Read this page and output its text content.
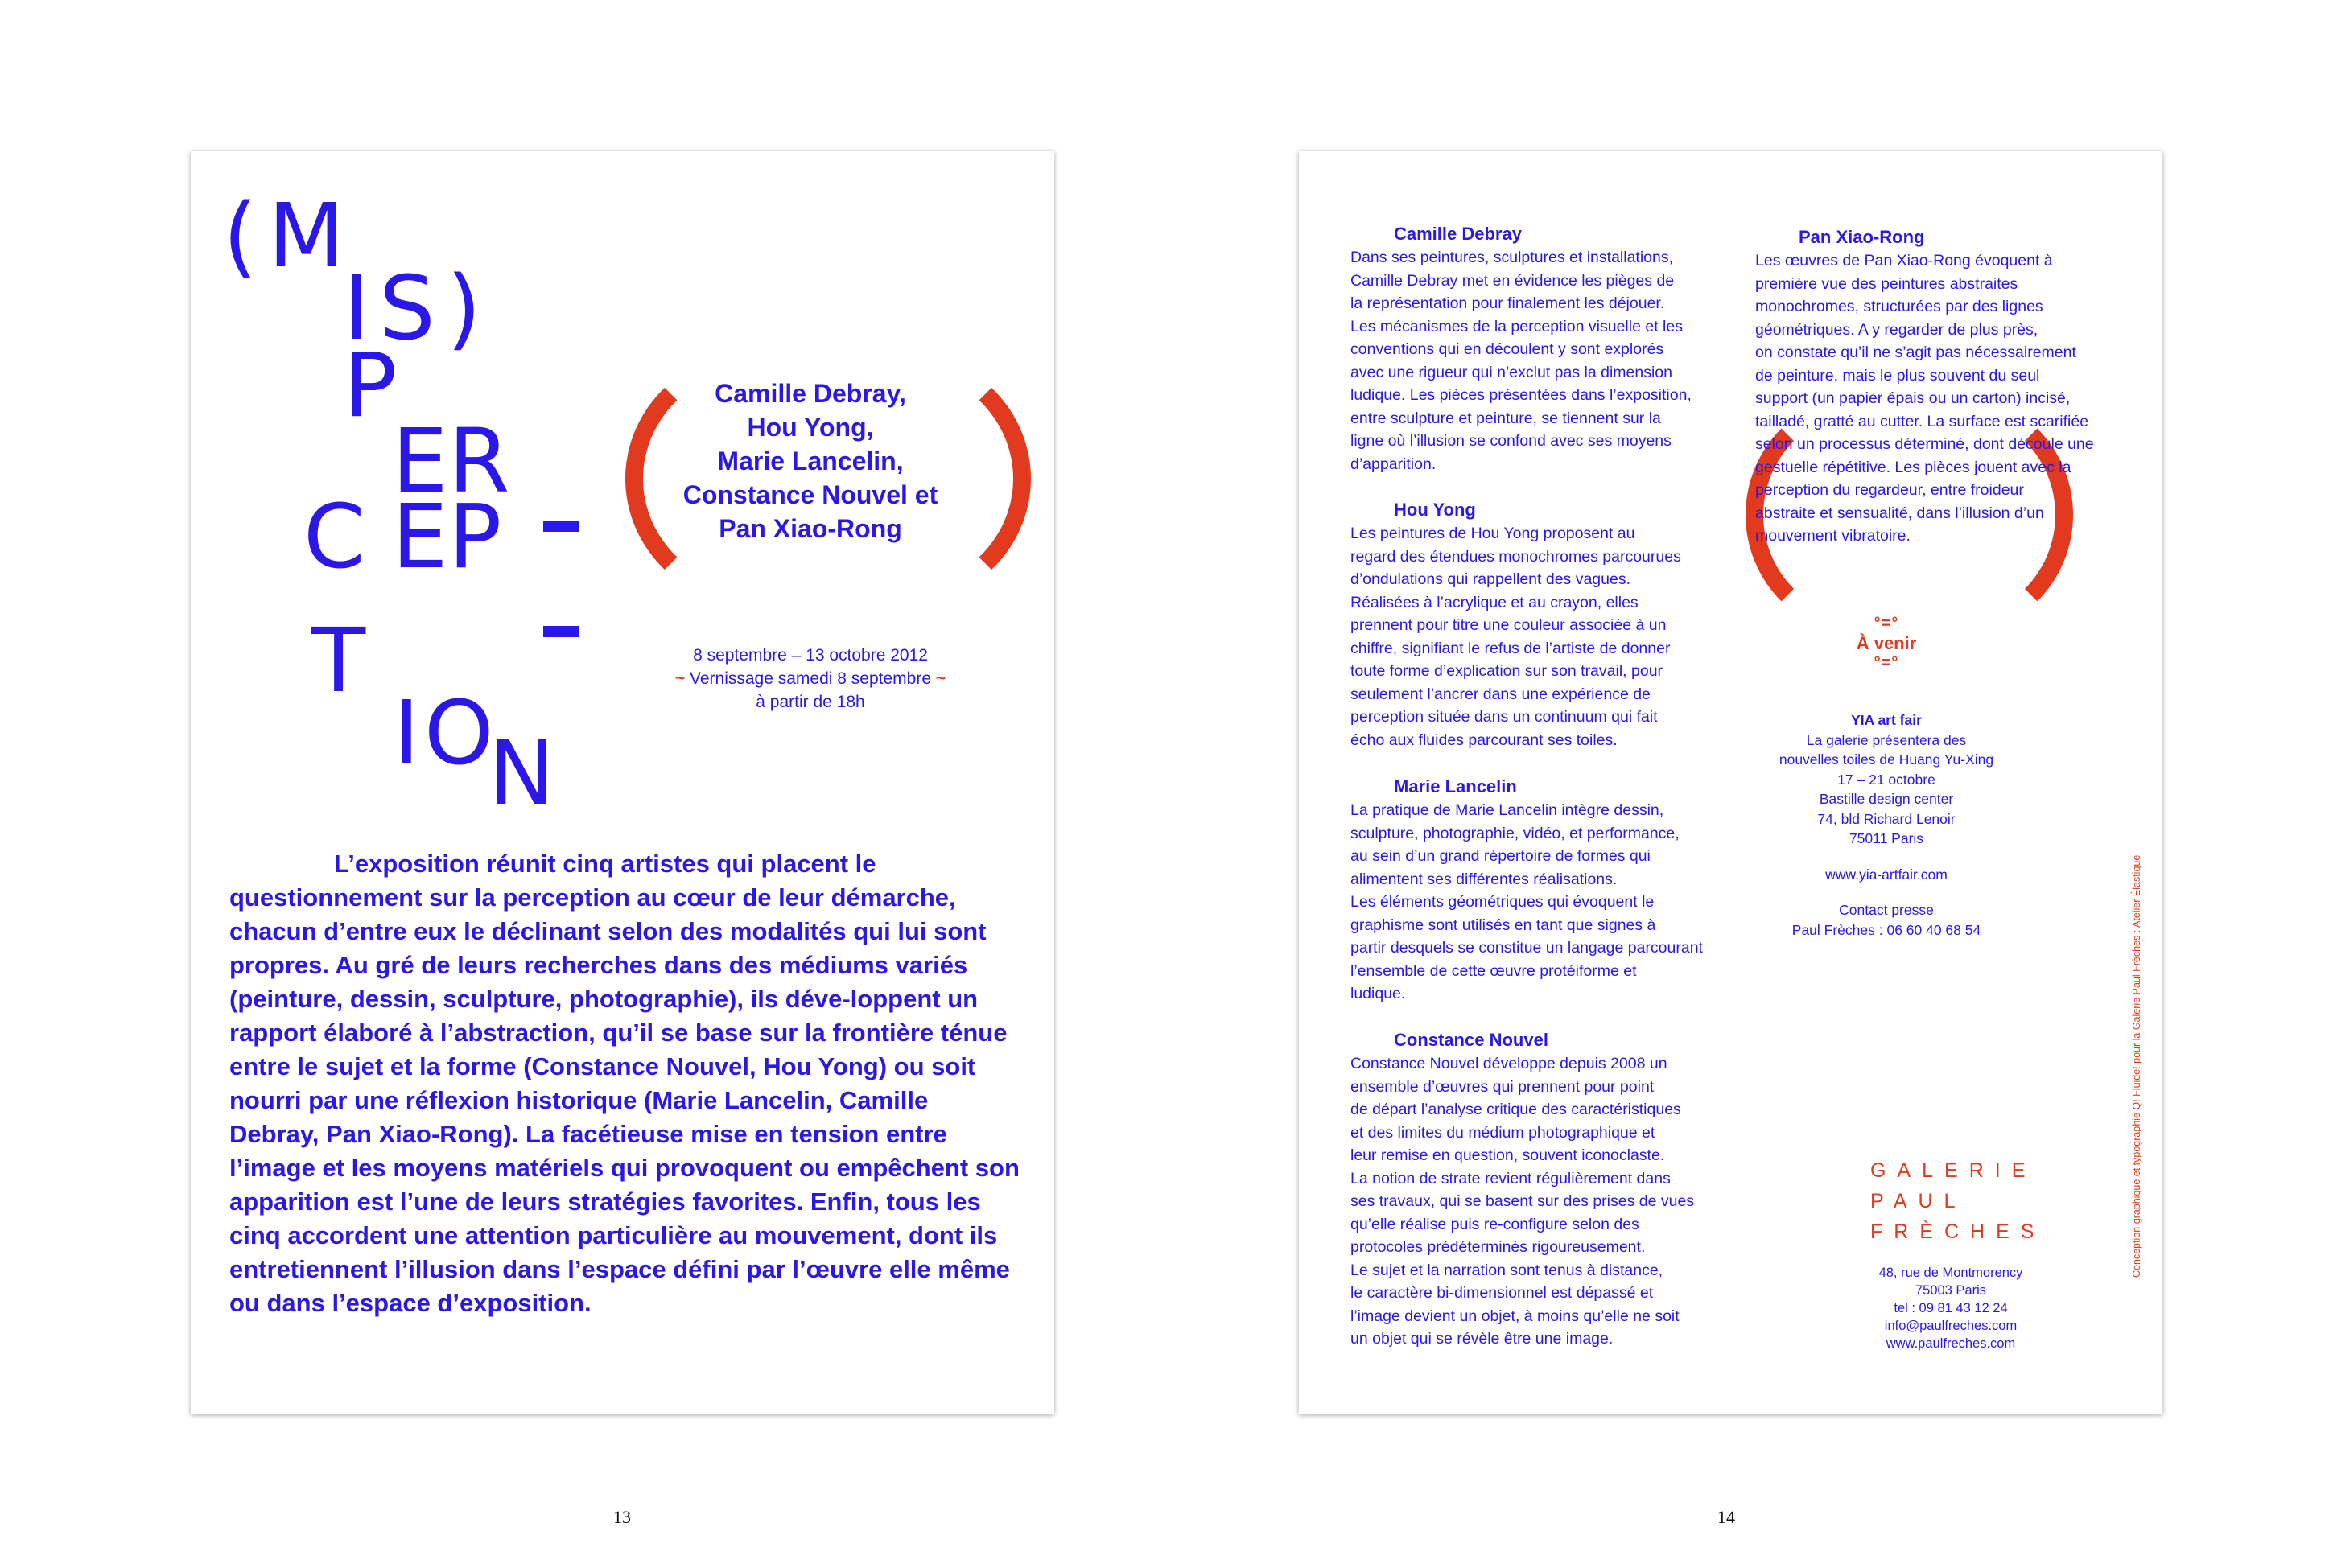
( M
I S )
P
E R
C E P
T
I O
N
Camille Debray,
Hou Yong,
Marie Lancelin,
Constance Nouvel et
Pan Xiao-Rong
8 septembre – 13 octobre 2012
~ Vernissage samedi 8 septembre ~
à partir de 18h
L’exposition réunit cinq artistes qui placent le questionnement sur la perception au cœur de leur démarche, chacun d’entre eux le déclinant selon des modalités qui lui sont propres. Au gré de leurs recherches dans des médiums variés (peinture, dessin, sculpture, photographie), ils déve-loppent un rapport élaboré à l’abstraction, qu’il se base sur la frontière ténue entre le sujet et la forme (Constance Nouvel, Hou Yong) ou soit nourri par une réflexion historique (Marie Lancelin, Camille Debray, Pan Xiao-Rong). La facétieuse mise en tension entre l’image et les moyens matériels qui provoquent ou empêchent son apparition est l’une de leurs stratégies favorites. Enfin, tous les cinq accordent une attention particulière au mouvement, dont ils entretiennent l’illusion dans l’espace défini par l’œuvre elle même ou dans l’espace d’exposition.
13
Camille Debray
Dans ses peintures, sculptures et installations,
Camille Debray met en évidence les pièges de
la représentation pour finalement les déjouer.
Les mécanismes de la perception visuelle et les
conventions qui en découlent y sont explorés
avec une rigueur qui n’exclut pas la dimension
ludique. Les pièces présentées dans l’exposition,
entre sculpture et peinture, se tiennent sur la
ligne où l’illusion se confond avec ses moyens
d’apparition.
Hou Yong
Les peintures de Hou Yong proposent au
regard des étendues monochromes parcourues
d’ondulations qui rappellent des vagues.
Réalisées à l’acrylique et au crayon, elles
prennent pour titre une couleur associée à un
chiffre, signifiant le refus de l’artiste de donner
toute forme d’explication sur son travail, pour
seulement l’ancrer dans une expérience de
perception située dans un continuum qui fait
écho aux fluides parcourant ses toiles.
Marie Lancelin
La pratique de Marie Lancelin intègre dessin,
sculpture, photographie, vidéo, et performance,
au sein d’un grand répertoire de formes qui
alimentent ses différentes réalisations.
Les éléments géométriques qui évoquent le
graphisme sont utilisés en tant que signes à
partir desquels se constitue un langage parcourant
l’ensemble de cette œuvre protéiforme et
ludique.
Constance Nouvel
Constance Nouvel développe depuis 2008 un
ensemble d’œuvres qui prennent pour point
de départ l’analyse critique des caractéristiques
et des limites du médium photographique et
leur remise en question, souvent iconoclaste.
La notion de strate revient régulièrement dans
ses travaux, qui se basent sur des prises de vues
qu’elle réalise puis re-configure selon des
protocoles prédéterminés rigoureusement.
Le sujet et la narration sont tenus à distance,
le caractère bi-dimensionnel est dépassé et
l’image devient un objet, à moins qu’elle ne soit
un objet qui se révèle être une image.
Pan Xiao-Rong
Les œuvres de Pan Xiao-Rong évoquent à
première vue des peintures abstraites
monochromes, structurées par des lignes
géométriques. A y regarder de plus près,
on constate qu’il ne s’agit pas nécessairement
de peinture, mais le plus souvent du seul
support (un papier épais ou un carton) incisé,
tailladé, gratté au cutter. La surface est scarifiée
selon un processus déterminé, dont découle une
gestuelle répétitive. Les pièces jouent avec la
perception du regardeur, entre froideur
abstraite et sensualité, dans l’illusion d’un
mouvement vibratoire.
°=°
À venir
°=°
YIA art fair
La galerie présentera des
nouvelles toiles de Huang Yu-Xing
17 – 21 octobre
Bastille design center
74, bld Richard Lenoir
75011 Paris
www.yia-artfair.com
Contact presse
Paul Frèches : 06 60 40 68 54
GALERIE
PAUL
FRÈCHES
48, rue de Montmorency
75003 Paris
tel : 09 81 43 12 24
info@paulfreches.com
www.paulfreches.com
Conception graphique et typographie Q! Fluide! pour la Galerie Paul Frèches : Atelier Élastique
14
